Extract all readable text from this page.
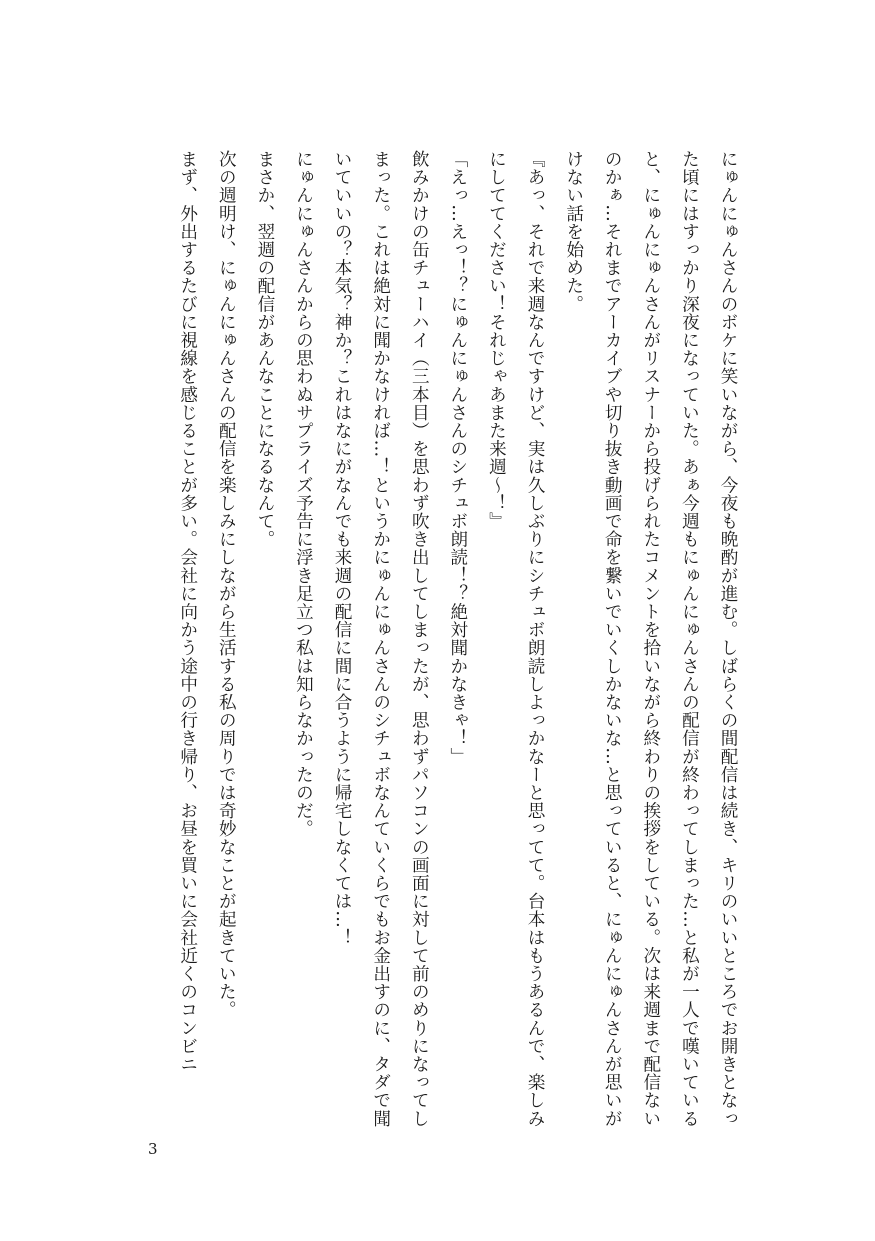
にゅんにゅんさんのボケに笑いながら、今夜も晩酌が進む。しばらくの間配信は続き、キリのいいところでお開きとなった頃にはすっかり深夜になっていた。あぁ今週もにゅんにゅんさんの配信が終わってしまった…と私が一人で嘆いていると、にゅんにゅんさんがリスナーから投げられたコメントを拾いながら終わりの挨拶をしている。次は来週まで配信ないのかぁ…それまでアーカイブや切り抜き動画で命を繋いでいくしかないな…と思っていると、にゅんにゅんさんが思いがけない話を始めた。

『あっ、それで来週なんですけど、実は久しぶりにシチュボ朗読しよっかなーと思ってて。台本はもうあるんで、楽しみにしててください！それじゃあまた来週〜！』

「えっ…えっ！？にゅんにゅんさんのシチュボ朗読！？絶対聞かなきゃ！」

飲みかけの缶チューハイ（三本目）を思わず吹き出してしまったが、思わずパソコンの画面に対して前のめりになってしまった。これは絶対に聞かなければ…！というかにゅんにゅんさんのシチュボなんていくらでもお金出すのに、タダで聞いていいの？本気？神か？これはなにがなんでも来週の配信に間に合うように帰宅しなくては…！

にゅんにゅんさんからの思わぬサプライズ予告に浮き足立つ私は知らなかったのだ。

まさか、翌週の配信があんなことになるなんて。

次の週明け、にゅんにゅんさんの配信を楽しみにしながら生活する私の周りでは奇妙なことが起きていた。

まず、外出するたびに視線を感じることが多い。会社に向かう途中の行き帰り、お昼を買いに会社近くのコンビニ

3
